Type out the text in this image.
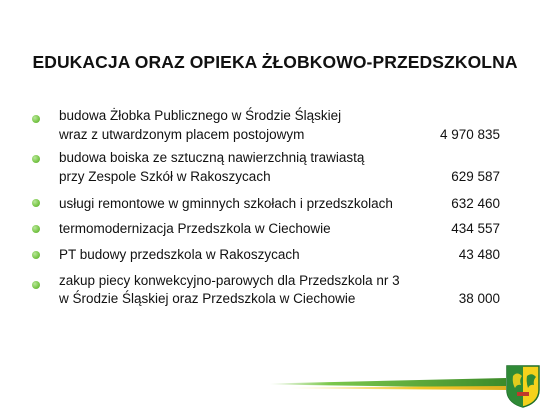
EDUKACJA ORAZ OPIEKA ŻŁOBKOWO-PRZEDSZKOLNA
budowa Żłobka Publicznego w Środzie Śląskiej
wraz z utwardzonym placem postojowym	4 970 835
budowa boiska ze sztuczną nawierzchnią trawiastą
przy Zespole Szkół w Rakoszycach	629 587
usługi remontowe w gminnych szkołach i przedszkolach	632 460
termomodernizacja Przedszkola w Ciechowie	434 557
PT budowy przedszkola w Rakoszycach	43 480
zakup piecy konwekcyjno-parowych dla Przedszkola nr 3
w Środzie Śląskiej oraz Przedszkola w Ciechowie	38 000
